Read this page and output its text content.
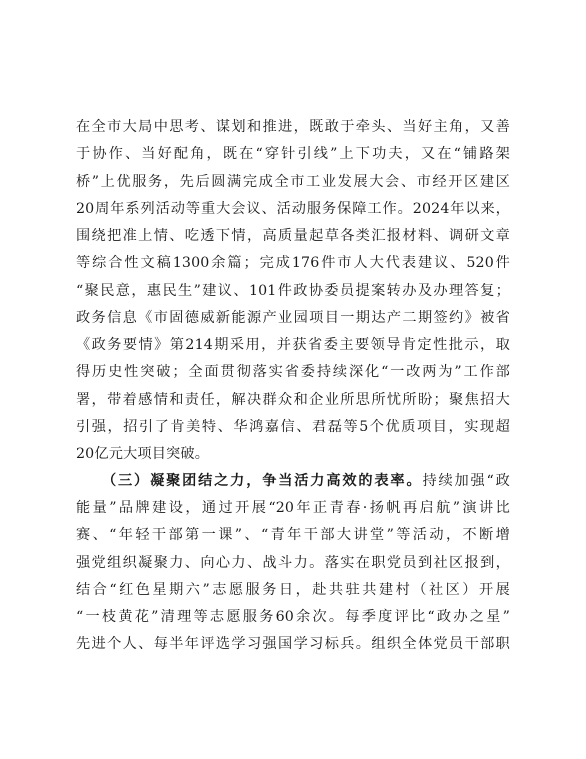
在全市大局中思考、谋划和推进，既敢于牵头、当好主角，又善
于协作、当好配角，既在“穿针引线”上下功夫，又在“铺路架
桥”上优服务，先后圆满完成全市工业发展大会、市经开区建区
20周年系列活动等重大会议、活动服务保障工作。2024年以来，
围绕把准上情、吃透下情，高质量起草各类汇报材料、调研文章
等综合性文稿1300余篇；完成176件市人大代表建议、520件
“聚民意，惠民生”建议、101件政协委员提案转办及办理答复；
政务信息《市固德威新能源产业园项目一期达产二期签约》被省
《政务要情》第214期采用，并获省委主要领导肯定性批示，取
得历史性突破；全面贯彻落实省委持续深化“一改两为”工作部
署，带着感情和责任，解决群众和企业所思所忧所盼；聚焦招大
引强，招引了肯美特、华鸿嘉信、君磊等5个优质项目，实现超
20亿元大项目突破。
（三）凝聚团结之力，争当活力高效的表率。持续加强“政
能量”品牌建设，通过开展“20年正青春·扬帆再启航”演讲比
赛、“年轻干部第一课”、“青年干部大讲堂”等活动，不断增
强党组织凝聚力、向心力、战斗力。落实在职党员到社区报到，
结合“红色星期六”志愿服务日，赴共驻共建村（社区）开展
“一枝黄花”清理等志愿服务60余次。每季度评比“政办之星”
先进个人、每半年评选学习强国学习标兵。组织全体党员干部职
